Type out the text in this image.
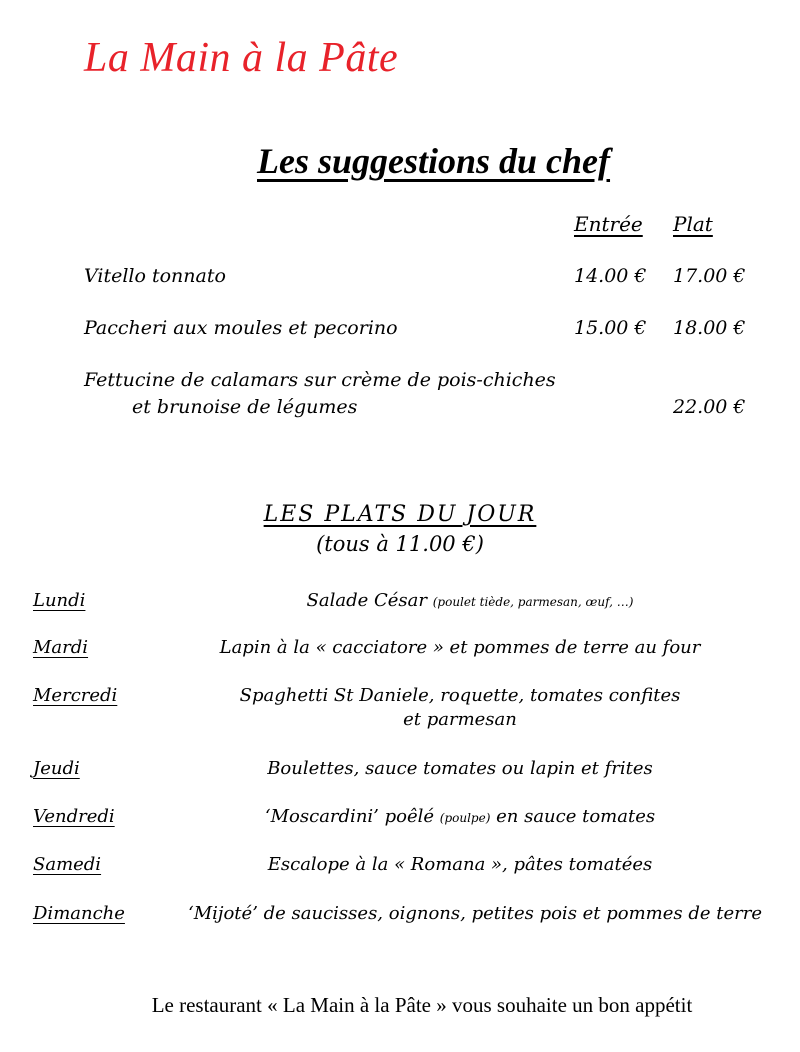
La Main à la Pâte
Les suggestions du chef
Entrée Plat
Vitello tonnato	14.00 € 17.00 €
Paccheri aux moules et pecorino	15.00 € 18.00 €
Fettucine de calamars sur crème de pois-chiches
et brunoise de légumes	22.00 €
LES PLATS DU JOUR
(tous à 11.00 €)
Lundi	Salade César (poulet tiède, parmesan, œuf, …)
Mardi	Lapin à la « cacciatore » et pommes de terre au four
Mercredi	Spaghetti St Daniele, roquette, tomates confites
et parmesan
Jeudi	Boulettes, sauce tomates ou lapin et frites
Vendredi	‘Moscardini’ poêlé (poulpe) en sauce tomates
Samedi	Escalope à la « Romana », pâtes tomatées
Dimanche	‘Mijoté’ de saucisses, oignons, petites pois et pommes de terre
Le restaurant « La Main à la Pâte » vous souhaite un bon appétit
